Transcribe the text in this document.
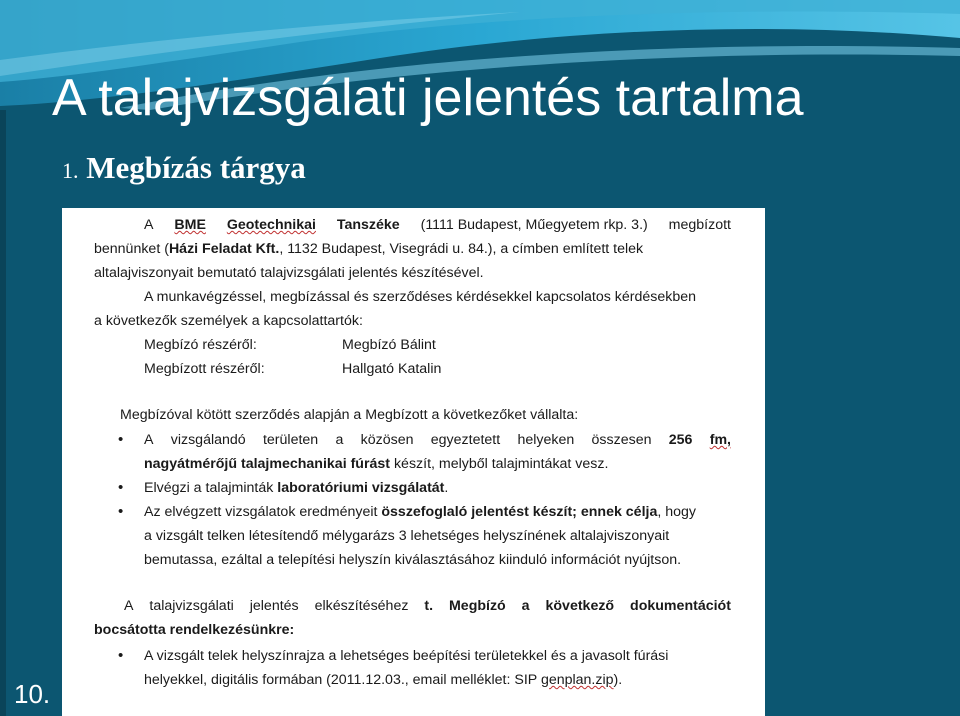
A talajvizsgálati jelentés tartalma
1. Megbízás tárgya
A BME Geotechnikai Tanszéke (1111 Budapest, Műegyetem rkp. 3.) megbízott
bennünket (Házi Feladat Kft., 1132 Budapest, Visegrádi u. 84.), a címben említett telek
altalajviszonyait bemutató talajvizsgálati jelentés készítésével.
A munkavégzéssel, megbízással és szerződéses kérdésekkel kapcsolatos kérdésekben
a következők személyek a kapcsolattartók:
Megbízó részéről:	Megbízó Bálint
Megbízott részéről:	Hallgató Katalin
Megbízóval kötött szerződés alapján a Megbízott a következőket vállalta:
• A vizsgálandó területen a közösen egyeztetett helyeken összesen 256 fm,
nagyátmérőjű talajmechanikai fúrást készít, melyből talajmintákat vesz.
• Elvégzi a talajminták laboratóriumi vizsgálatát.
• Az elvégzett vizsgálatok eredményeit összefoglaló jelentést készít; ennek célja, hogy
a vizsgált telken létesítendő mélygarázs 3 lehetséges helyszínének altalajviszonyait
bemutassa, ezáltal a telepítési helyszín kiválasztásához kiinduló információt nyújtson.
A talajvizsgálati jelentés elkészítéséhez t. Megbízó a következő dokumentációt
bocsátotta rendelkezésünkre:
• A vizsgált telek helyszínrajza a lehetséges beépítési területekkel és a javasolt fúrási
helyekkel, digitális formában (2011.12.03., email melléklet: SIP genplan.zip).
10.
